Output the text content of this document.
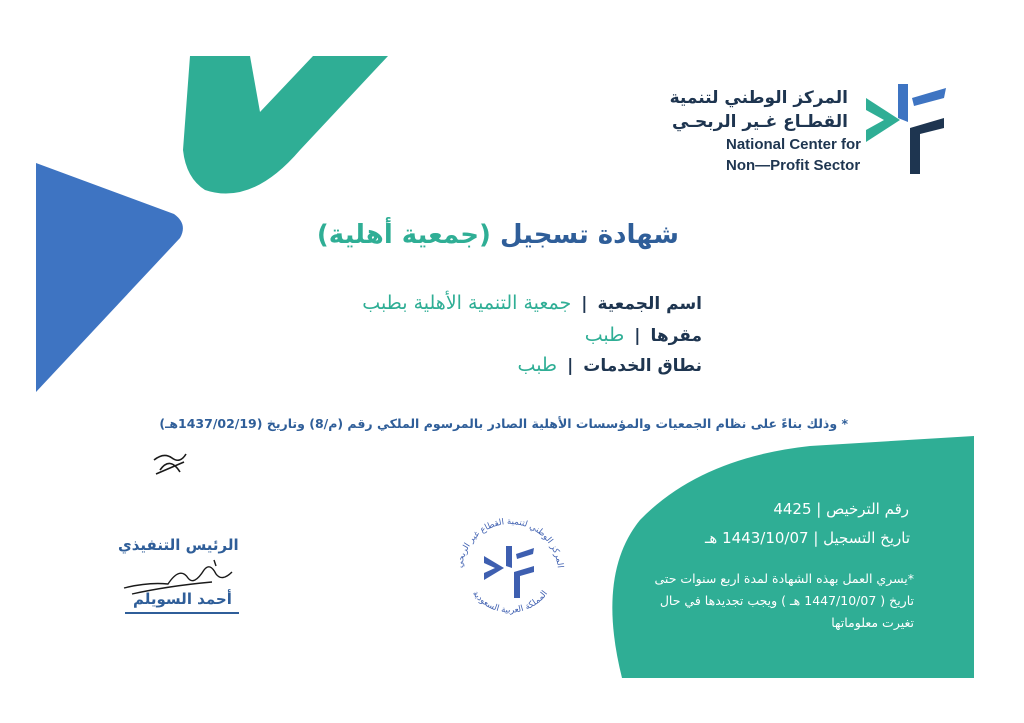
المركز الوطني لتنمية
القطـاع غـير الربحـي
National Center for
Non—Profit Sector
شهادة تسجيل (جمعية أهلية)
اسم الجمعية
|
جمعية التنمية الأهلية بطبب
مقرها
|
طبب
نطاق الخدمات
|
طبب
* وذلك بناءً على نظام الجمعيات والمؤسسات الأهلية الصادر بالمرسوم الملكي رقم (م/8) وتاريخ (1437/02/19هـ)
رقم الترخيص | 4425
تاريخ التسجيل | 1443/10/07 هـ
*يسري العمل بهذه الشهادة لمدة اربع سنوات حتى
تاريخ ( 1447/10/07 هـ ) ويجب تجديدها في حال
تغيرت معلوماتها
المركز الوطني لتنمية القطاع غير الربحي
المملكة العربية السعودية
الرئيس التنفيذي
أحمد السويلم
